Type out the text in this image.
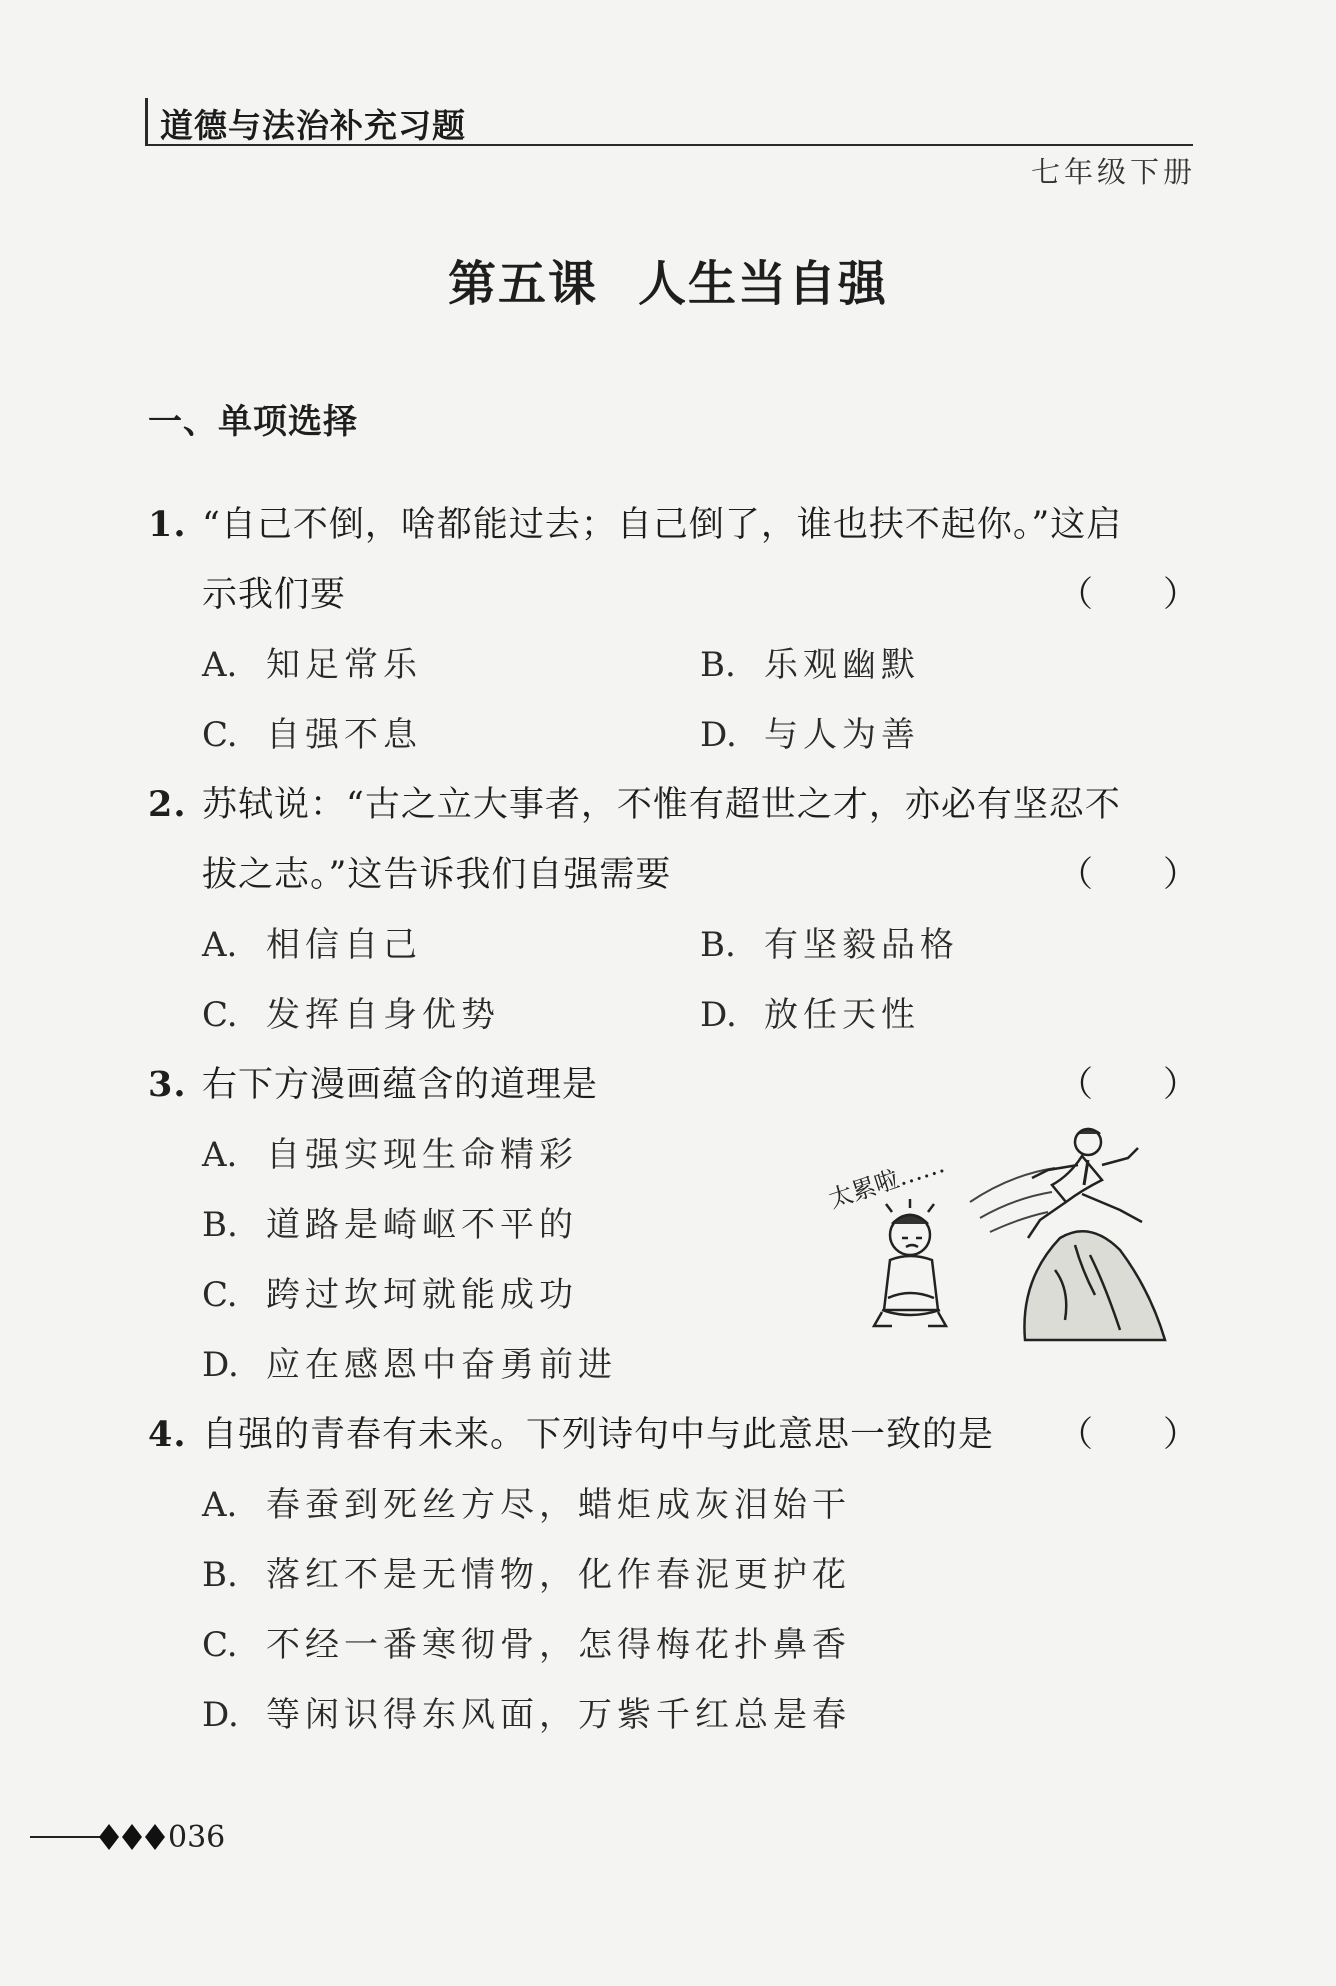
道德与法治补充习题
七年级下册
第五课 人生当自强
一、单项选择
1. “自己不倒，啥都能过去；自己倒了，谁也扶不起你。”这启
示我们要	（　　）
A. 知足常乐	B. 乐观幽默
C. 自强不息	D. 与人为善
2. 苏轼说：“古之立大事者，不惟有超世之才，亦必有坚忍不
拔之志。”这告诉我们自强需要	（　　）
A. 相信自己	B. 有坚毅品格
C. 发挥自身优势	D. 放任天性
3. 右下方漫画蕴含的道理是	（　　）
A. 自强实现生命精彩
B. 道路是崎岖不平的
C. 跨过坎坷就能成功
D. 应在感恩中奋勇前进
太累啦……
4. 自强的青春有未来。下列诗句中与此意思一致的是 （　　）
A. 春蚕到死丝方尽，蜡炬成灰泪始干
B. 落红不是无情物，化作春泥更护花
C. 不经一番寒彻骨，怎得梅花扑鼻香
D. 等闲识得东风面，万紫千红总是春
036
